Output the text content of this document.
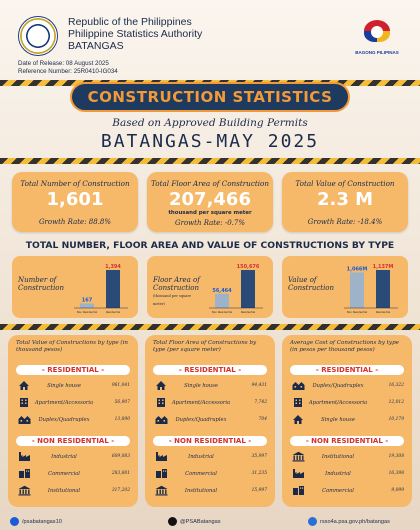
Republic of the Philippines
Philippine Statistics Authority
BATANGAS
Date of Release: 08 August 2025
Reference Number: 25R0410-IG034
BAGONG PILIPINAS
CONSTRUCTION STATISTICS
Based on Approved Building Permits
BATANGAS-MAY 2025
Total Number of Construction
1,601
Growth Rate: 88.8%
Total Floor Area of Construction
207,466
thousand per square meter
Growth Rate: -0.7%
Total Value of Construction
2.3 M
Growth Rate: -18.4%
TOTAL NUMBER, FLOOR AREA AND VALUE OF CONSTRUCTIONS BY TYPE
Number of Construction
167
Non Residential
1,394
Residential
Floor Area of Construction
(thousand per square meter)
56,464
Non Residential
150,676
Residential
Value of Construction
1,066M
Non Residential
1,137M
Residential
Total Value of Constructions by type (in thousand pesos)
- RESIDENTIAL -
Single house	961,041
Apartment/Accessoria	56,907
Duplex/Quadruplex	13,890
- NON RESIDENTIAL -
Industrial	609,083
Commercial	283,881
Institutional	317,202
Total Floor Area of Constructions by type (per square meter)
- RESIDENTIAL -
Single house	94,431
Apartment/Accessoria	7,742
Duplex/Quadruplex	704
- NON RESIDENTIAL -
Industrial	35,997
Commercial	31,235
Institutional	15,997
Average Cost of Constructions by type (in pesos per thousand pesos)
- RESIDENTIAL -
Duplex/Quadruplex	16,322
Apartment/Accessoria	12,012
Single house	10,179
- NON RESIDENTIAL -
Institutional	19,308
Industrial	16,398
Commercial	9,099
/psabatangas10	@PSABatangas	rsso4a.psa.gov.ph/batangas
